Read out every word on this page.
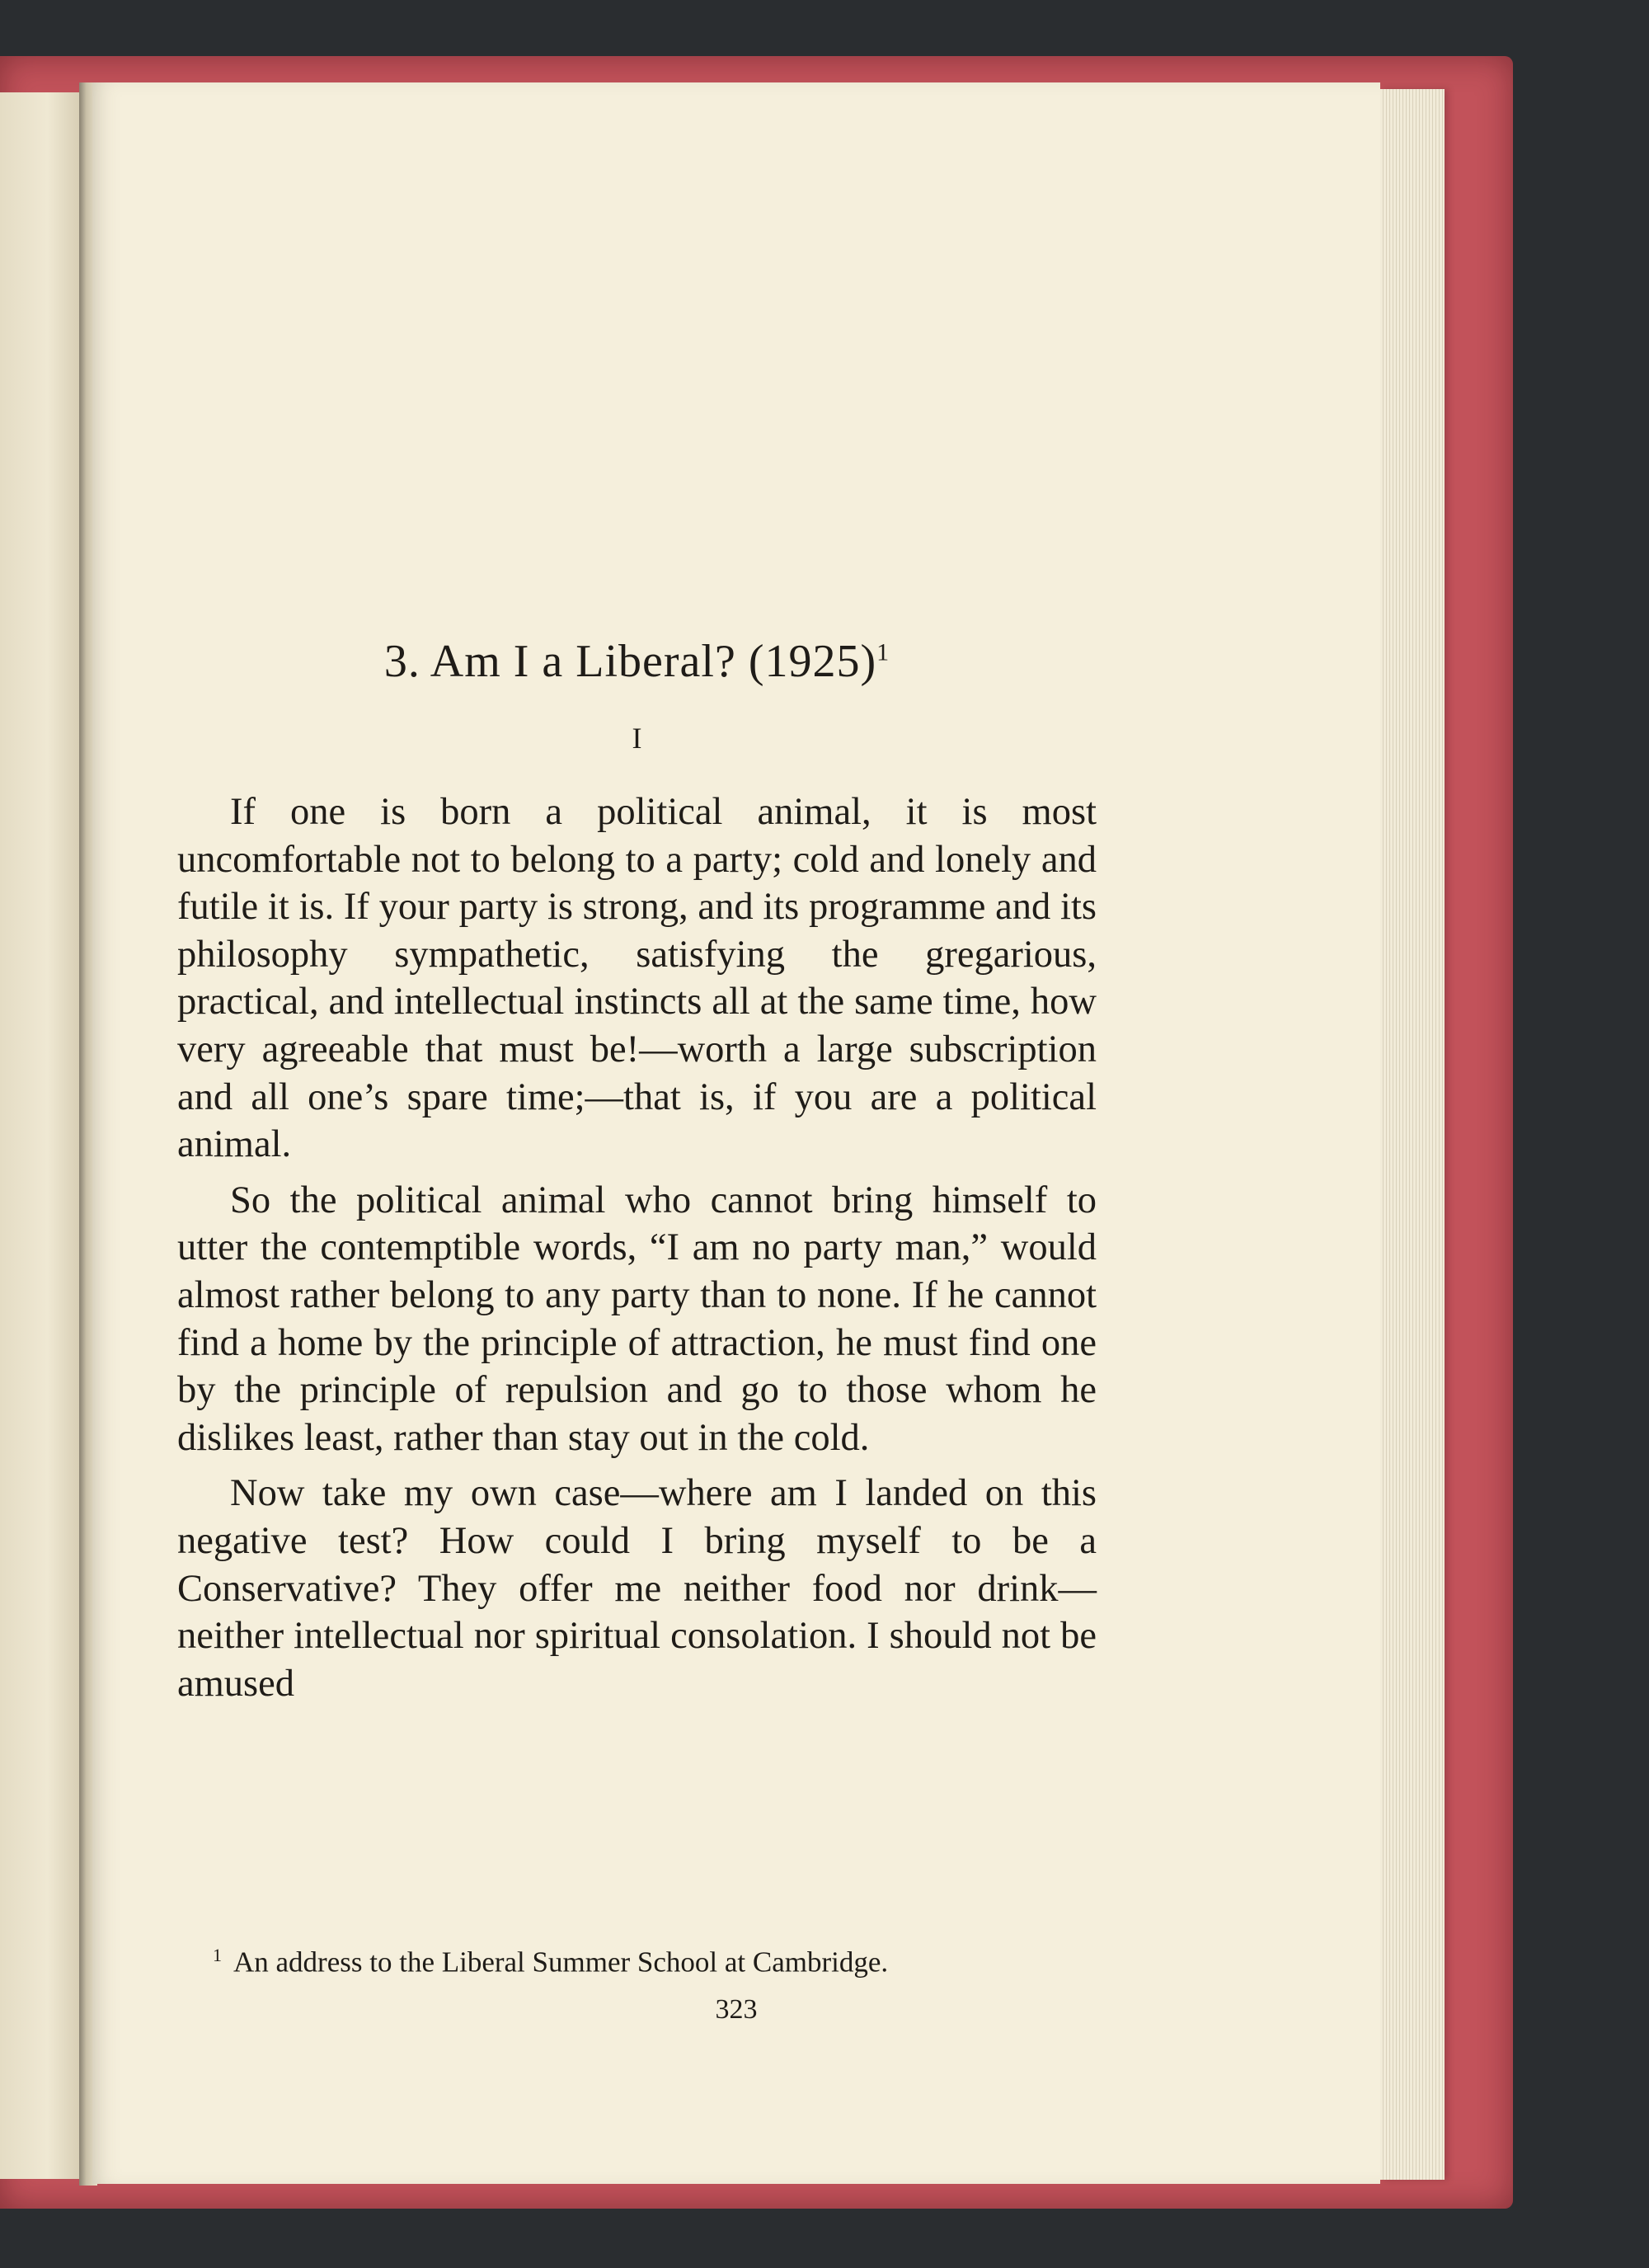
$^1$ An address to the Liberal Summer School at Cambridge.
323
3. Am I a Liberal? $(1925)^1$
I

If one is born a political animal, it is most uncomfortable not to belong to a party; cold and lonely and futile it is. If your party is strong, and its programme and its philosophy sympathetic, satisfying the gregarious, practical, and intellectual instincts all at the same time, how very agreeable that must be!—worth a large subscription and all one’s spare time;—that is, if you are a political animal.

So the political animal who cannot bring himself to utter the contemptible words, “I am no party man,” would almost rather belong to any party than to none. If he cannot find a home by the principle of attraction, he must find one by the principle of repulsion and go to those whom he dislikes least, rather than stay out in the cold.

Now take my own case—where am I landed on this negative test? How could I bring myself to be a Conservative? They offer me neither food nor drink—neither intellectual nor spiritual consolation. I should not be amused
